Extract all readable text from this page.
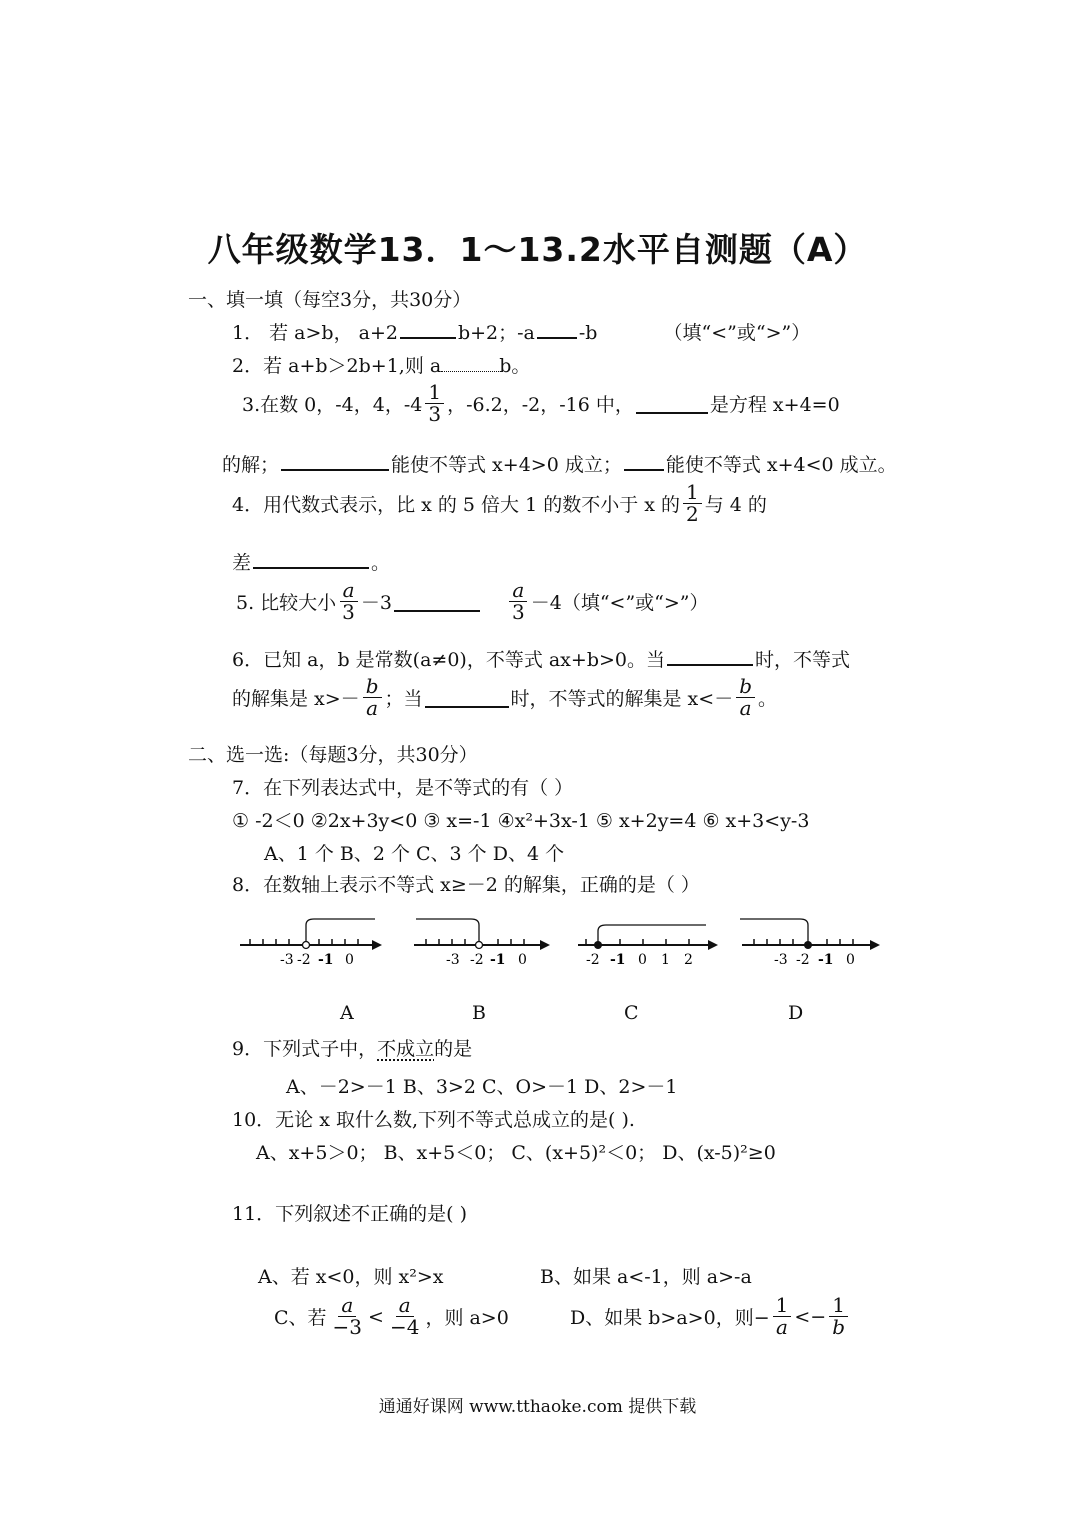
八年级数学13．1～13.2水平自测题（A）
一、填一填（每空3分，共30分）
1． 若 a>b， a+2	b+2；-a -b	（填“<”或“>”）
2．若 a+b＞2b+1,则 a	b。
3.在数 0，-4，4，$-4 \frac{1}{3}$ ，-6.2，-2，-16 中，	是方程 x+4=0
的解；	能使不等式 x+4>0 成立； 能使不等式 x+4<0 成立。
4．用代数式表示，比 x 的 5 倍大 1 的数不小于 x 的 $\frac{1}{2}$ 与 4 的
差	。
5. 比较大小 $\frac{a}{3} -3$	$\frac{a}{3} -4$ （填“<”或“>”）
6．已知 a，b 是常数(a≠0)，不等式 ax+b>0。当	时，不等式
的解集是 $x>- \frac{b}{a}$ ；当	时，不等式的解集是 $x<- \frac{b}{a}$ 。
二、选一选:（每题3分，共30分）
7．在下列表达式中，是不等式的有（ ）
① -2＜0 ②2x+3y<0 ③ x=-1 ④x²+3x-1 ⑤ x+2y=4 ⑥ x+3<y-3
A、1 个 B、2 个 C、3 个 D、4 个
8．在数轴上表示不等式 x≥－2 的解集，正确的是（ ）
-3 -2 -1 0	-3 -2 -1 0	-2 -1 0 1 2	-3 -2 -1 0
A	B	C	D
9．下列式子中，不成立的是
A、－2>－1 B、3>2 C、O>－1 D、2>－1
10．无论 x 取什么数,下列不等式总成立的是( ).
A、x+5＞0； B、x+5＜0； C、(x+5)²＜0； D、(x-5)²≥0
11．下列叙述不正确的是( )
A、若 x<0，则 x²>x	B、如果 a<-1，则 a>-a
C、若 $\frac{a}{-3} < \frac{a}{-4}$ ，则 a>0	D、如果 b>a>0，则− $\frac{1}{a} <- \frac{1}{b}$
通通好课网 www.tthaoke.com 提供下载
